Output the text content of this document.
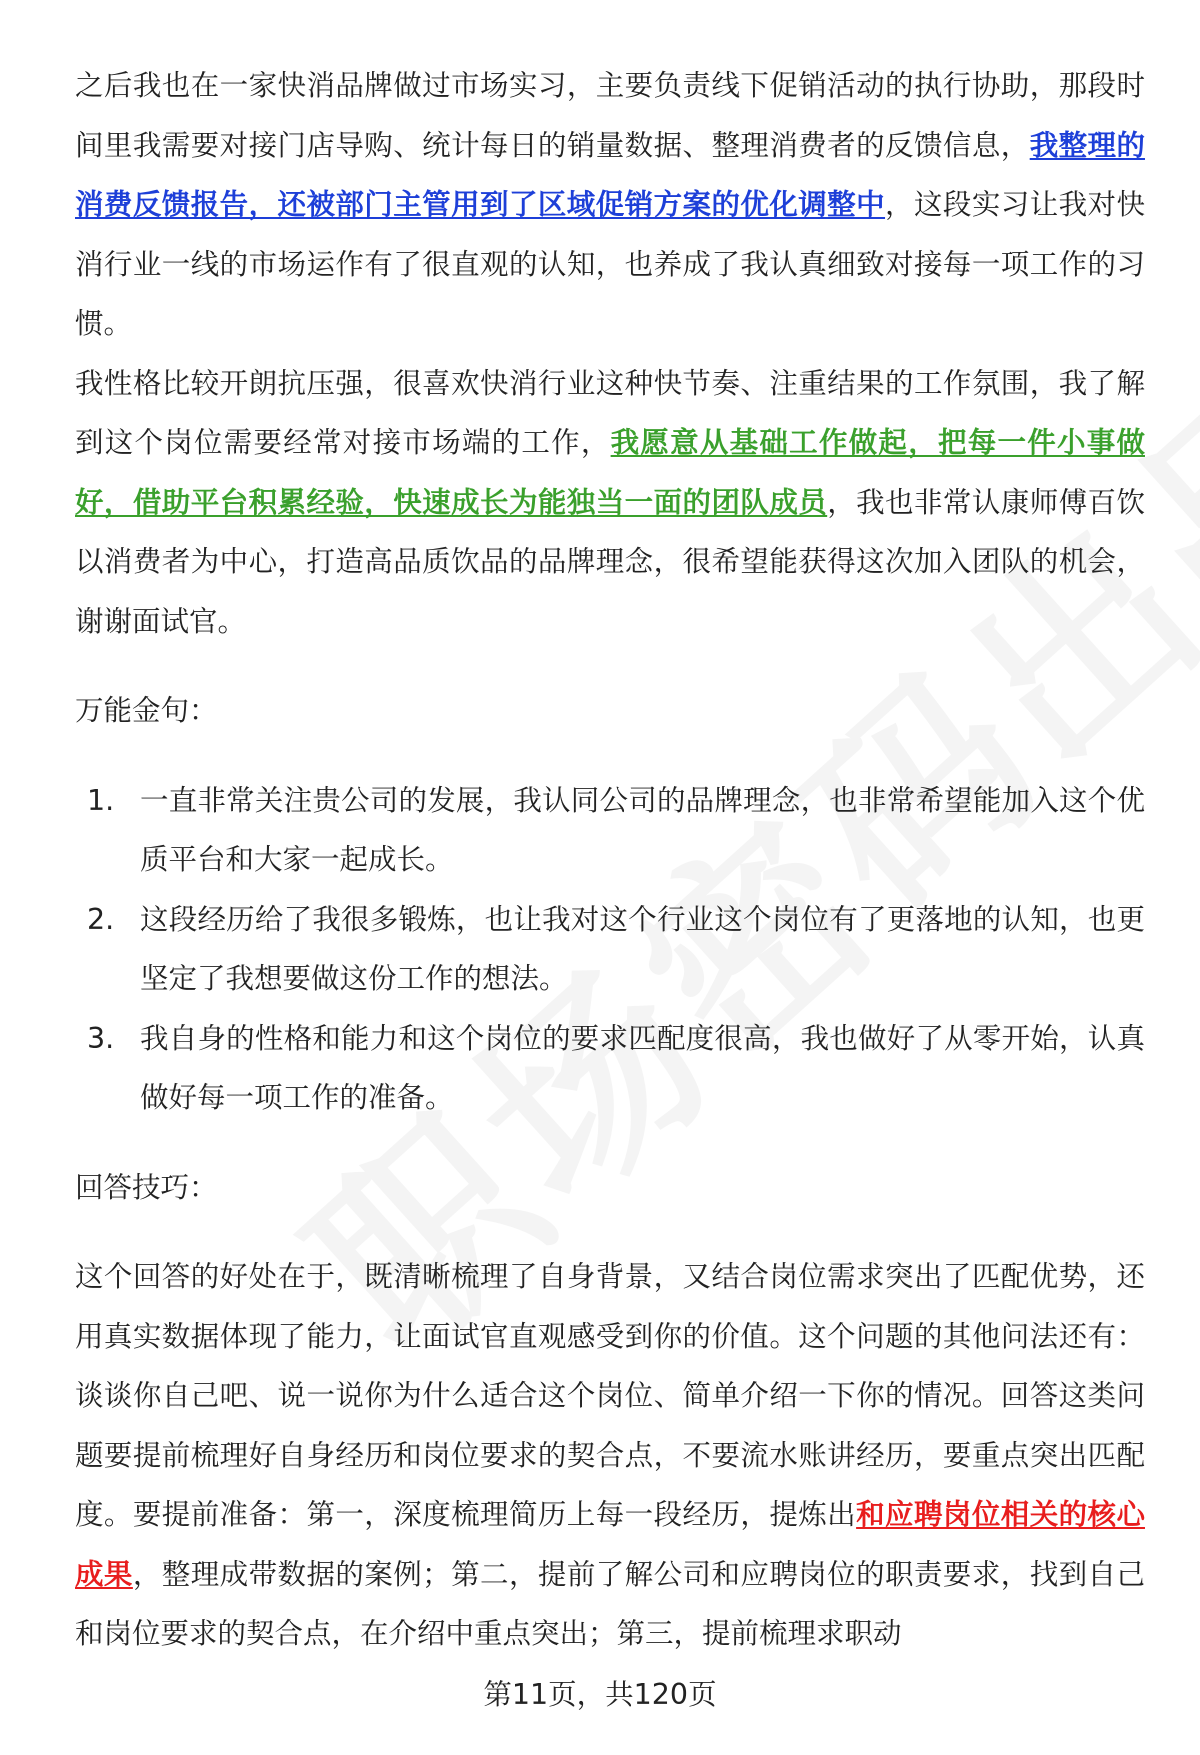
之后我也在一家快消品牌做过市场实习，主要负责线下促销活动的执行协助，那段时间里我需要对接门店导购、统计每日的销量数据、整理消费者的反馈信息，我整理的消费反馈报告，还被部门主管用到了区域促销方案的优化调整中，这段实习让我对快消行业一线的市场运作有了很直观的认知，也养成了我认真细致对接每一项工作的习惯。

我性格比较开朗抗压强，很喜欢快消行业这种快节奏、注重结果的工作氛围，我了解到这个岗位需要经常对接市场端的工作，我愿意从基础工作做起，把每一件小事做好，借助平台积累经验，快速成长为能独当一面的团队成员，我也非常认康师傅百饮以消费者为中心，打造高品质饮品的品牌理念，很希望能获得这次加入团队的机会，谢谢面试官。

万能金句：

1. 一直非常关注贵公司的发展，我认同公司的品牌理念，也非常希望能加入这个优质平台和大家一起成长。
2. 这段经历给了我很多锻炼，也让我对这个行业这个岗位有了更落地的认知，也更坚定了我想要做这份工作的想法。
3. 我自身的性格和能力和这个岗位的要求匹配度很高，我也做好了从零开始，认真做好每一项工作的准备。

回答技巧：

这个回答的好处在于，既清晰梳理了自身背景，又结合岗位需求突出了匹配优势，还用真实数据体现了能力，让面试官直观感受到你的价值。这个问题的其他问法还有：谈谈你自己吧、说一说你为什么适合这个岗位、简单介绍一下你的情况。回答这类问题要提前梳理好自身经历和岗位要求的契合点，不要流水账讲经历，要重点突出匹配度。要提前准备：第一，深度梳理简历上每一段经历，提炼出和应聘岗位相关的核心成果，整理成带数据的案例；第二，提前了解公司和应聘岗位的职责要求，找到自己和岗位要求的契合点，在介绍中重点突出；第三，提前梳理求职动

第11页，共120页
